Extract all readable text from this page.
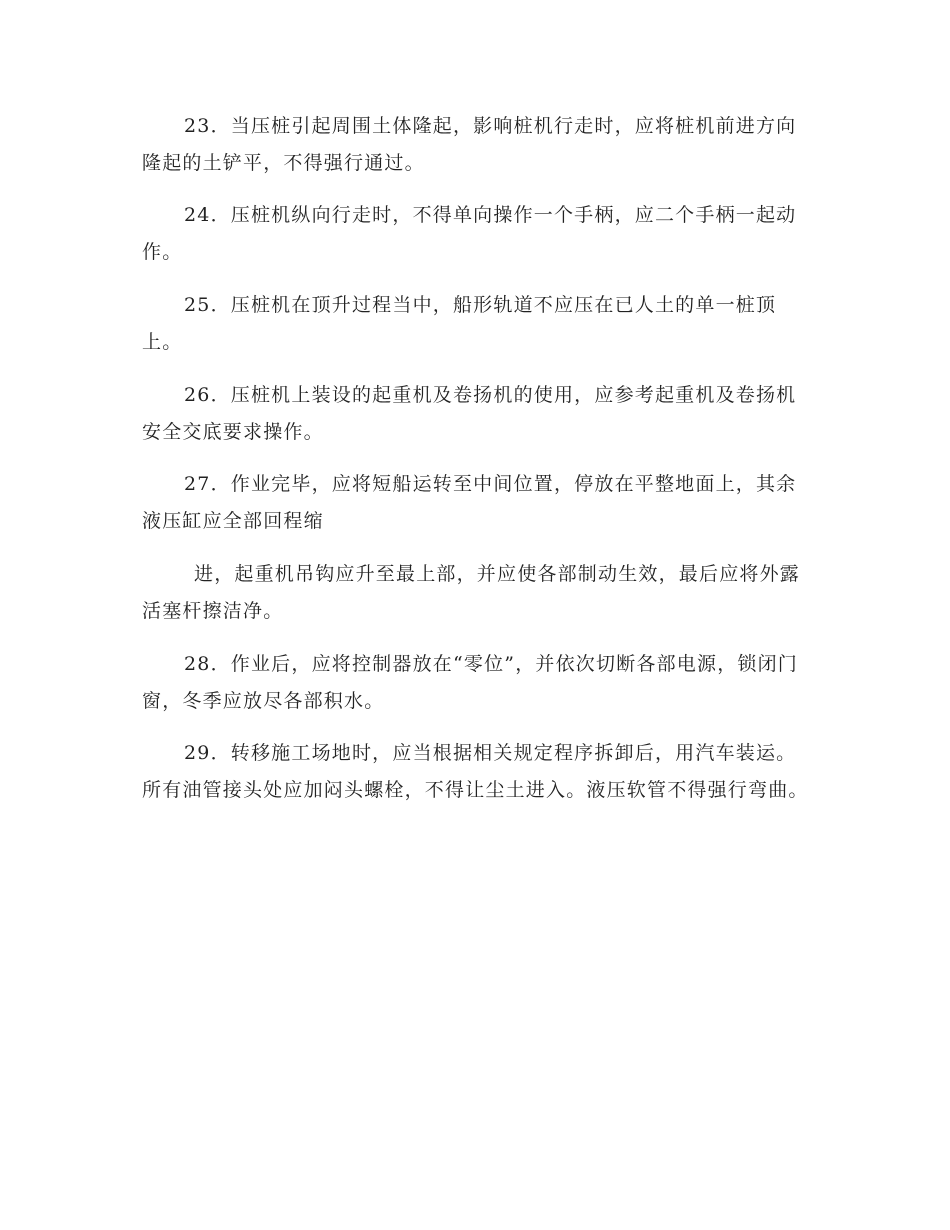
23．当压桩引起周围土体隆起，影响桩机行走时，应将桩机前进方向隆起的土铲平，不得强行通过。

24．压桩机纵向行走时，不得单向操作一个手柄，应二个手柄一起动作。

25．压桩机在顶升过程当中，船形轨道不应压在已人土的单一桩顶上。

26．压桩机上装设的起重机及卷扬机的使用，应参考起重机及卷扬机安全交底要求操作。

27．作业完毕，应将短船运转至中间位置，停放在平整地面上，其余液压缸应全部回程缩

进，起重机吊钩应升至最上部，并应使各部制动生效，最后应将外露活塞杆擦洁净。

28．作业后，应将控制器放在“零位”，并依次切断各部电源，锁闭门窗，冬季应放尽各部积水。

29．转移施工场地时，应当根据相关规定程序拆卸后，用汽车装运。所有油管接头处应加闷头螺栓，不得让尘土进入。液压软管不得强行弯曲。
